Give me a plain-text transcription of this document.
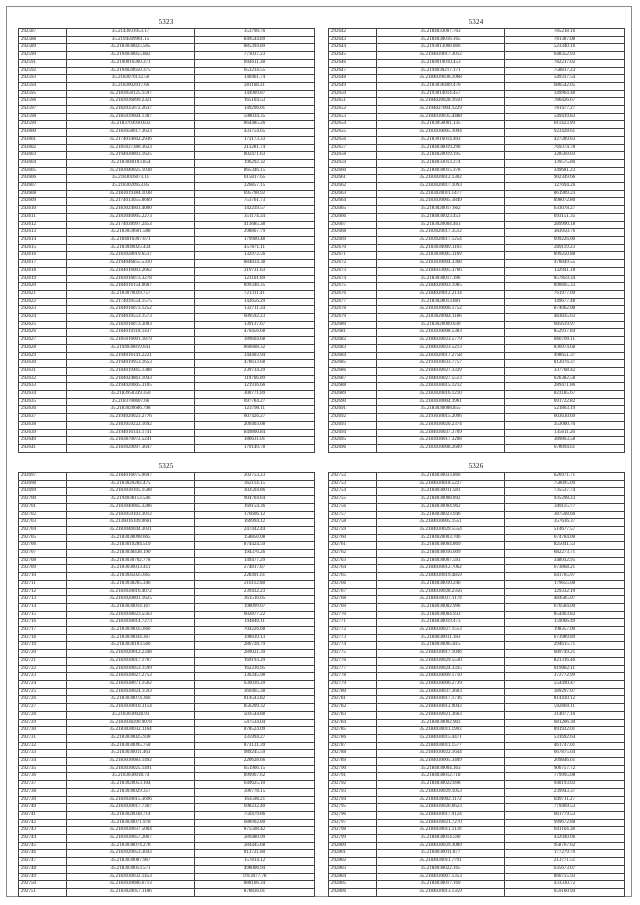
5323
292587	35.2143031053.17	353798.76
292588	35.2194509961.15	849544.89
292589	35.2183030825.565	885394.89
292590	35.2194030855.882	773037.23
292591	35.2190016300.371	894611.38
292592	35.2194020650.375	653234.55
292593	35.2183070132.56	140461.74
292594	35.2183002017.66	281168.21
292595	35.2183058125.1597	144909.87
292596	35.2183036899.2321	165104.53
292597	35.2182035072.2637	149296.01
292598	35.2185039604.1387	598034.35
292599	35.2183703930.632	864485.26
292600	35.2183058617.3623	433754.65
292601	35.2174014602.2936	173173.33
292602	35.2185037380.3623	213281.74
292603	35.2194030803.1625	802471.63
292604	35.2183040103.854	196292.32
292605	35.2183040025.1038	865346.15
292606	35.2183016073.11	615817.65
292607	35.2183020953.85	326857.15
292608	35.2183019384.1038	695798.92
292609	35.2174013055.0669	753761.73
292610	35.2183024603.4000	142239.57
292611	35.2183040005.2273	351174.34
292612	35.2174038997.2453	413685.38
292613	35.2183059601.588	298867.79
292614	35.2184016307.671	179900.48
292615	35.2183040025.434	457871.11
292616	35.2183028019.6537	132972.56
292617	35.2194046855.5310	884834.38
292618	35.2184016003.2662	319731.63
292619	35.2183016073.3278	123101.89
292620	35.2184016154.0687	899346.35
292621	35.2183070029.757	721311.41
292622	35.2174039554.1575	142656.29
292623	35.2184016073.1252	132711.34
292624	35.2194039553.1573	609592.23
292625	35.2183016073.3003	139137.67
292626	35.2184019318.1437	470456.68
292627	35.2185016001.1879	189604.68
292628	35.2194030819.641	866608.32
292629	35.2194016141.2221	144403.94
292630	35.2194019953.1653	478613.68
292631	35.2184019465.1388	239734.29
292632	35.2184024863.1043	119766.09
292633	35.2194020605.3105	121916.66
292634	35.2183950339.350	300771.89
292635	35.2183700607.66	697784.27
292636	35.2183020606.798	123798.11
292637	35.2194020023.2776	607426.27
292638	35.2183059222.1692	209403.08
292639	35.2194016143.1741	849800.84
292640	35.2183870072.5241	186631.01
292641	35.2183020097.3647	170149.78
5324
292642	35.2184033007.763	785218.16
292643	35.2184030016.165	781387.08
292644	35.2193013008.866	523340.16
292645	35.2194039017.3012	648352.93
292646	35.2184019010.453	782217.02
292647	35.2194030217.171	758837.23
292648	35.2184039038.3968	549337.54
292649	35.2183036409.470	686542.05
292650	35.2193014014.457	349964.48
292651	35.2184020028.1610	786426.67
292652	35.2194027004.1229	781477.27
292653	35.2184030035.4488	549439.83
292654	35.2183050001.135	811423.99
292655	35.2183030005.1094	923428.61
292656	35.2183016014.403	427289.63
292657	35.2184038019.290	769374.78
292658	35.2184020019.195	328569.03
292659	35.2184033013.274	139575.86
292660	35.2184030015.378	349681.23
292661	35.2183020012.1302	902349.66
292662	35.2183020017.1093	127694.26
292663	35.2183020011.1477	861909.23
292664	35.2183030005.1849	898072.80
292665	35.2183020017.662	633078.27
292666	35.2184030023.453	693151.35
292667	35.2183020004.463	289990.18
292668	35.2183020017.3512	383950.76
292669	35.2183020017.1254	699226.00
292670	35.2183030009.1103	289119.23
292671	35.2183030005.1169	899250.88
292672	35.2183030004.3368	478849.55
292673	35.2184033005.3766	132941.18
292674	35.2183030017.396	857859.34
292675	35.2184020003.1985	890665.33
292676	35.2184020012.2134	761977.09
292677	35.2183028013.881	149677.48
292678	35.2183030006.1752	874062.08
292679	35.2183020004.1186	483835.63
292680	35.2183020009.630	685619.97
292681	35.2183030008.5383	852917.84
292682	35.2184030023.5779	866709.11
292683	35.2184030023.5213	836974.68
292684	35.2183020017.2758	498651.37
292685	35.2193030033.7757	812076.37
292686	35.2184030027.3339	337708.42
292687	35.2184030027.5513	626382.58
292688	35.2183030015.1212	289471.86
292689	35.2183020016.1210	823185.67
292690	35.2183030004.3961	691722.82
292691	35.2183030008.855	521863.19
292692	35.2193030015.2096	603630.69
292693	35.2183030020.2374	353000.76
292694	35.2184030037.3709	135611.26
292695	35.2183030017.3208	389863.58
292696	35.2183030008.2609	678094.61
5325
292697	35.2184016075.9697	202753.23
292698	35.2183020282.475	362114.15
292699	35.2183030105.1508	302594.86
292700	35.2194038153.546	904704.64
292701	35.2183040065.3286	169154.36
292702	35.2183059103.3012	176606.12
292703	35.2136016109.0661	169994.12
292704	35.2183040044.3031	247442.44
292705	35.2183038098.665	158850.08
292706	35.2183019284.519	874424.59
292707	35.2183038438.190	194376.26
292708	35.2183030702.778	149477.29
292709	35.2183030013.411	274817.87
292710	35.2183045025.665	228491.61
292711	35.2183038265.346	216112.88
292712	35.2183030016.4072	239432.23
292713	35.2183020801.1625	361516.05
292714	35.2183030014.167	198099.07
292715	35.2183038023.5563	602877.22
292716	35.2183030014.7273	194840.11
292717	35.2183030035.660	704226.68
292718	35.2183030034.367	198639.13
292719	35.2183030103.560	286728.79
292720	35.2183020012.2348	289021.39
292721	35.2183030017.1707	169193.29
292722	35.2183030053.1599	162236.95
292723	35.2183030027.2753	136345.98
292724	35.2183038071.1562	636030.20
292725	35.2183030024.1593	369465.38
292726	35.2183030074.366	814543.82
292727	35.2183030010.3154	856209.32
292728	35.2183030028.93	503544.88
292729	35.2183038200.9078	547534.04
292730	35.2183030032.1164	878524.09
292731	35.2183030025.938	335994.27
292732	35.2183030095.758	873131.39
292733	35.2183030011.463	989245.59
292734	35.2183030083.1492	220628.66
292735	35.2183030025.1491	651966.15
292736	35.2183030018.74	899967.62
292737	35.2183020053.104	649625.10
292738	35.2183030029.357	396778.15
292739	35.2183030015.3696	163598.21
292740	35.2183030017.7367	698232.40
292741	35.2183020038.714	750479.86
292742	35.2183030071.978	688992.80
292743	35.2183030037.5064	875508.42
292744	35.2183030057.2867	289480.99
292745	35.2183038074.278	284445.68
292746	35.2183020053.3043	813721.80
292747	35.2183030087.967	157814.12
292748	35.2183030053.571	498006.94
292749	35.2183030032.1453	1913077.78
292750	35.2183030086.6713	888106.34
292751	35.2183020057.1186	878836.01
5326
292752	35.2184030033.866	626971.71
292753	35.2184030018.5227	758095.09
292754	35.2184030011.581	735537.74
292755	35.2184030008.892	935298.23
292756	35.2184030004.962	349115.77
292757	35.2184030023.946	387598.66
292758	35.2184030005.1551	357636.37
292759	35.2184030029.5554	514677.57
292760	35.2184020003.706	674784.00
292761	35.2184030004.869	825041.53
292762	35.2184030016.609	682273.71
292763	35.2184030007.593	348932.95
292764	35.2184030012.7062	673868.21
292765	35.2184030019.4859	641765.97
292766	35.2184030010.246	179655.08
292767	35.2184030028.2356	329332.10
292768	35.2184030037.1179	484585.07
292769	35.2184030002.996	676584.00
292770	35.2184030004.933	854463.82
292771	35.2184030019.473	159066.49
292772	35.2184030027.1553	198357.00
292773	35.2184030011.183	673989.89
292774	35.2184030005.815	294615.71
292775	35.2184030017.1046	689749.21
292776	35.2184030029.5530	821316.46
292777	35.2184030024.3335	819082.11
292778	35.2184030009.1710	372772.99
292779	35.2184030006.2739	554490.47
292780	35.2184030037.3603	389297.07
292781	35.2184030017.1736	814430.12
292782	35.2184030012.9043	592669.11
292783	35.2184030021.3663	314077.16
292784	35.2184030002.903	681206.30
292785	35.2184030011.1903	891932.01
292786	35.2184030015.4471	531692.64
292787	35.2184030011.1577	461747.01
292788	35.2184030022.1644	667875.04
292789	35.2184030005.3409	209846.61
292790	35.2184030004.363	906757.72
292791	35.2184030012.718	779995.08
292792	35.2184030022.698	940193.03
292793	35.2184030029.1053	239943.37
292794	35.2184030002.1172	849711.27
292795	35.2184030026.6623	779469.53
292796	35.2184030017.9124	661779.53
292797	35.2184030021.7270	999672.88
292798	35.2184030011.1139	841164.38
292799	35.2184030014.590	432940.06
292800	35.2184030029.3089	958767.62
292801	35.2184030011.877	177279.70
292802	35.2184030011.7791	213771.51
292803	35.2184030022.165	635673.07
292804	35.2184030007.1353	866755.93
292805	35.2184030017.169	433330.72
292806	35.2184030013.1359	659160.94
